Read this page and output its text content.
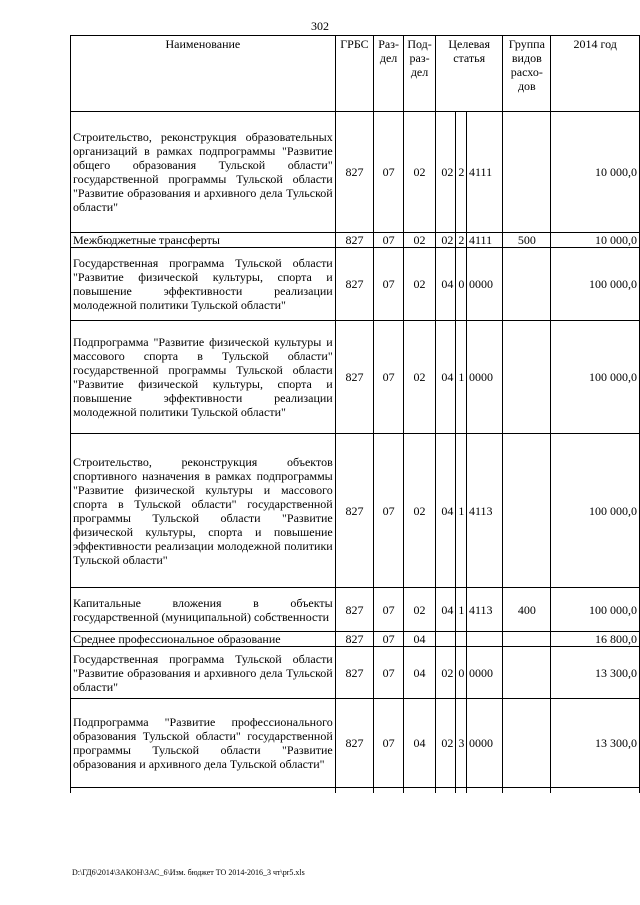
302
Наименование	ГРБС	Раз-дел	Под-раз-дел	Целевая статья			Группа видов расхо-дов	2014 год
Строительство, реконструкция образовательных организаций в рамках подпрограммы "Развитие общего образования Тульской области" государственной программы Тульской области "Развитие образования и архивного дела Тульской области"	827	07	02	02	2	4111		10 000,0
Межбюджетные трансферты	827	07	02	02	2	4111	500	10 000,0
Государственная программа Тульской области "Развитие физической культуры, спорта и повышение эффективности реализации молодежной политики Тульской области"	827	07	02	04	0	0000		100 000,0
Подпрограмма "Развитие физической культуры и массового спорта в Тульской области" государственной программы Тульской области "Развитие физической культуры, спорта и повышение эффективности реализации молодежной политики Тульской области"	827	07	02	04	1	0000		100 000,0
Строительство, реконструкция объектов спортивного назначения в рамках подпрограммы "Развитие физической культуры и массового спорта в Тульской области" государственной программы Тульской области "Развитие физической культуры, спорта и повышение эффективности реализации молодежной политики Тульской области"	827	07	02	04	1	4113		100 000,0
Капитальные вложения в объекты государственной (муниципальной) собственности	827	07	02	04	1	4113	400	100 000,0
Среднее профессиональное образование	827	07	04					16 800,0
Государственная программа Тульской области "Развитие образования и архивного дела Тульской области"	827	07	04	02	0	0000		13 300,0
Подпрограмма "Развитие профессионального образования Тульской области" государственной программы Тульской области "Развитие образования и архивного дела Тульской области"	827	07	04	02	3	0000		13 300,0

D:\ГД6\2014\ЗАКОН\ЗАС_6\Изм. бюджет ТО 2014-2016_3 чт\pr5.xls
